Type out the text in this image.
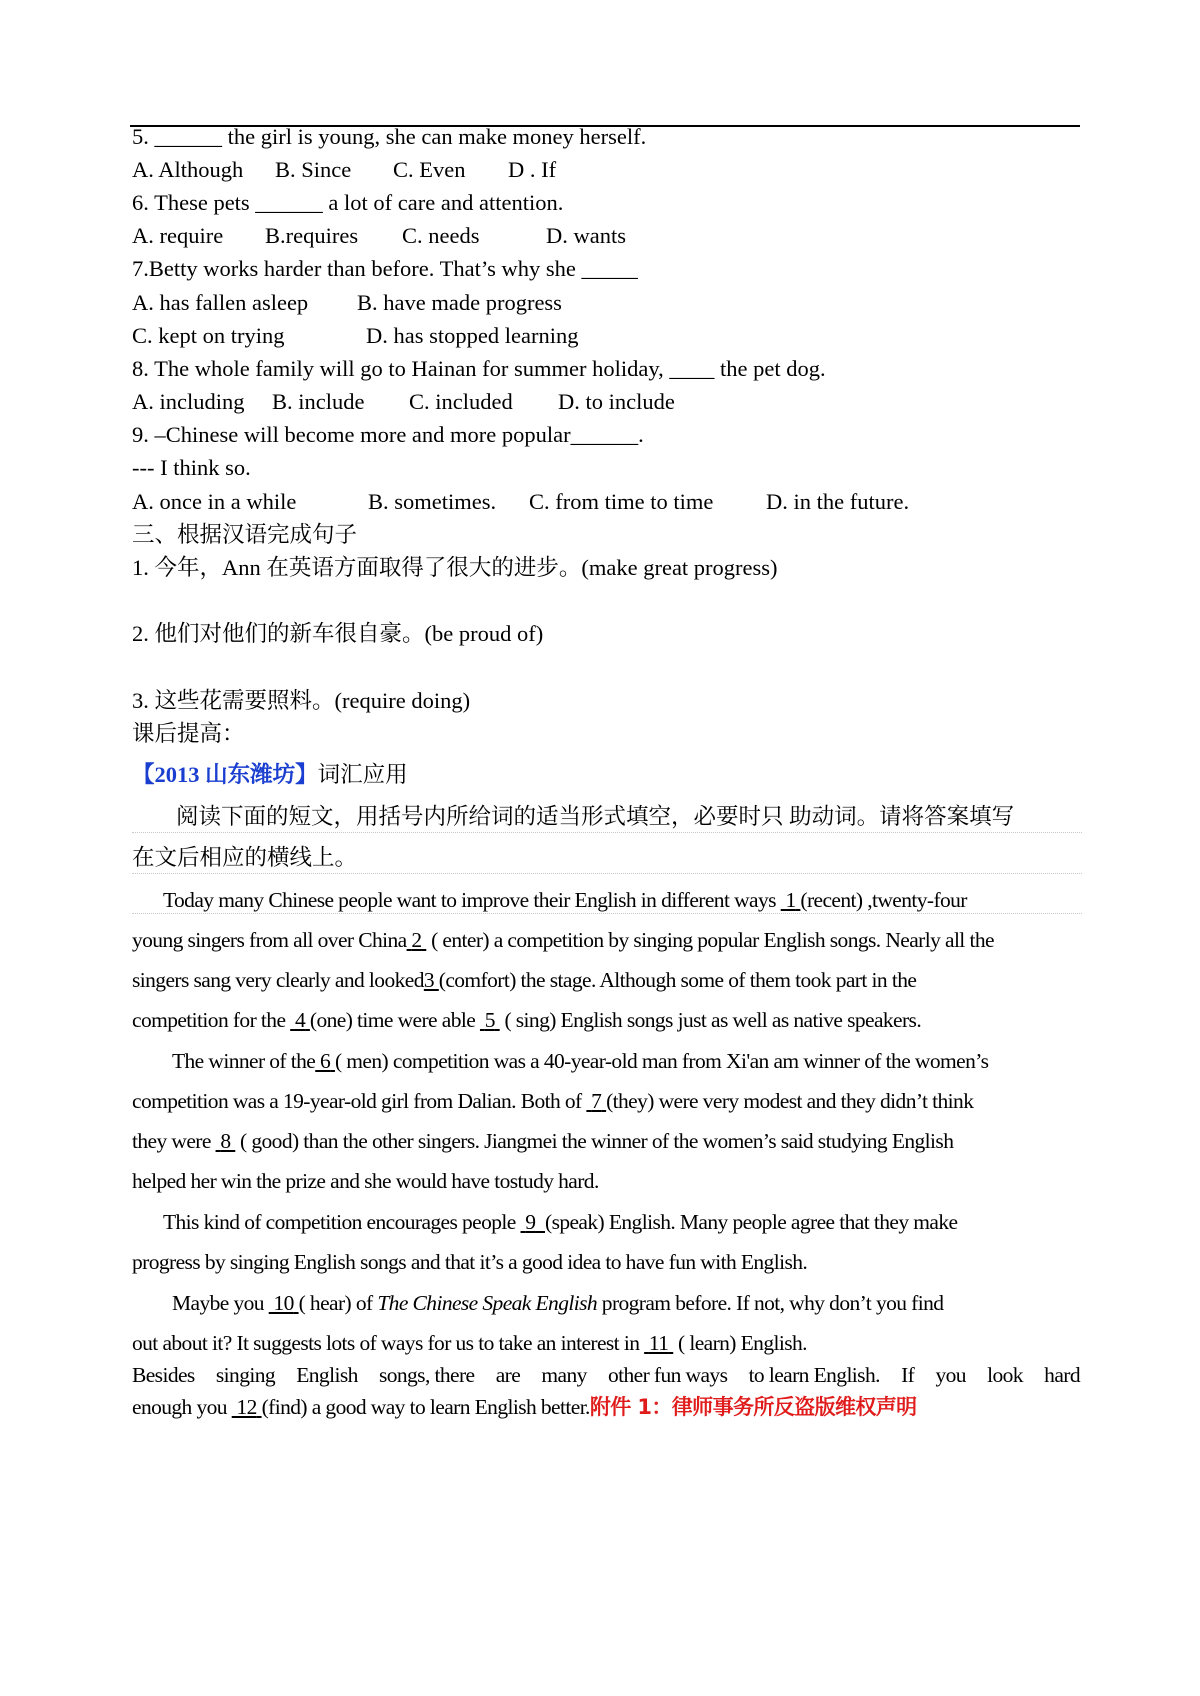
5. ______ the girl is young, she can make money herself.
A. Although B. Since C. Even D . If
6. These pets ______ a lot of care and attention.
A. require B.requires C. needs	D. wants
7.Betty works harder than before. That’s why she _____
A. has fallen asleep B. have made progress
C. kept on trying	D. has stopped learning
8. The whole family will go to Hainan for summer holiday, ____ the pet dog.
A. including B. include C. included D. to include
9. –Chinese will become more and more popular______.
--- I think so.
A. once in a while	B. sometimes. C. from time to time D. in the future.
三、根据汉语完成句子
1. 今年，Ann 在英语方面取得了很大的进步。(make great progress)
2. 他们对他们的新车很自豪。(be proud of)
3. 这些花需要照料。(require doing)
课后提高：
【2013 山东潍坊】词汇应用
阅读下面的短文，用括号内所给词的适当形式填空，必要时只 助动词。请将答案填写
在文后相应的横线上。
Today many Chinese people want to improve their English in different ways  1 (recent) ,twenty-four
young singers from all over China 2  ( enter) a competition by singing popular English songs. Nearly all the
singers sang very clearly and looked3 (comfort) the stage. Although some of them took part in the
competition for the  4 (one) time were able  5  ( sing) English songs just as well as native speakers.
The winner of the 6 ( men) competition was a 40-year-old man from Xi'an am winner of the women’s
competition was a 19-year-old girl from Dalian. Both of  7 (they) were very modest and they didn’t think
they were  8  ( good) than the other singers. Jiangmei the winner of the women’s said studying English
helped her win the prize and she would have tostudy hard.
This kind of competition encourages people  9 (speak) English. Many people agree that they make
progress by singing English songs and that it’s a good idea to have fun with English.
Maybe you  10 ( hear) of The Chinese Speak English program before. If not, why don’t you find
out about it? It suggests lots of ways for us to take an interest in  11  ( learn) English.
Besides singing English songs, there are many other fun ways to learn English. If you look hard
enough you  12 (find) a good way to learn English better.附件 1：律师事务所反盗版维权声明
